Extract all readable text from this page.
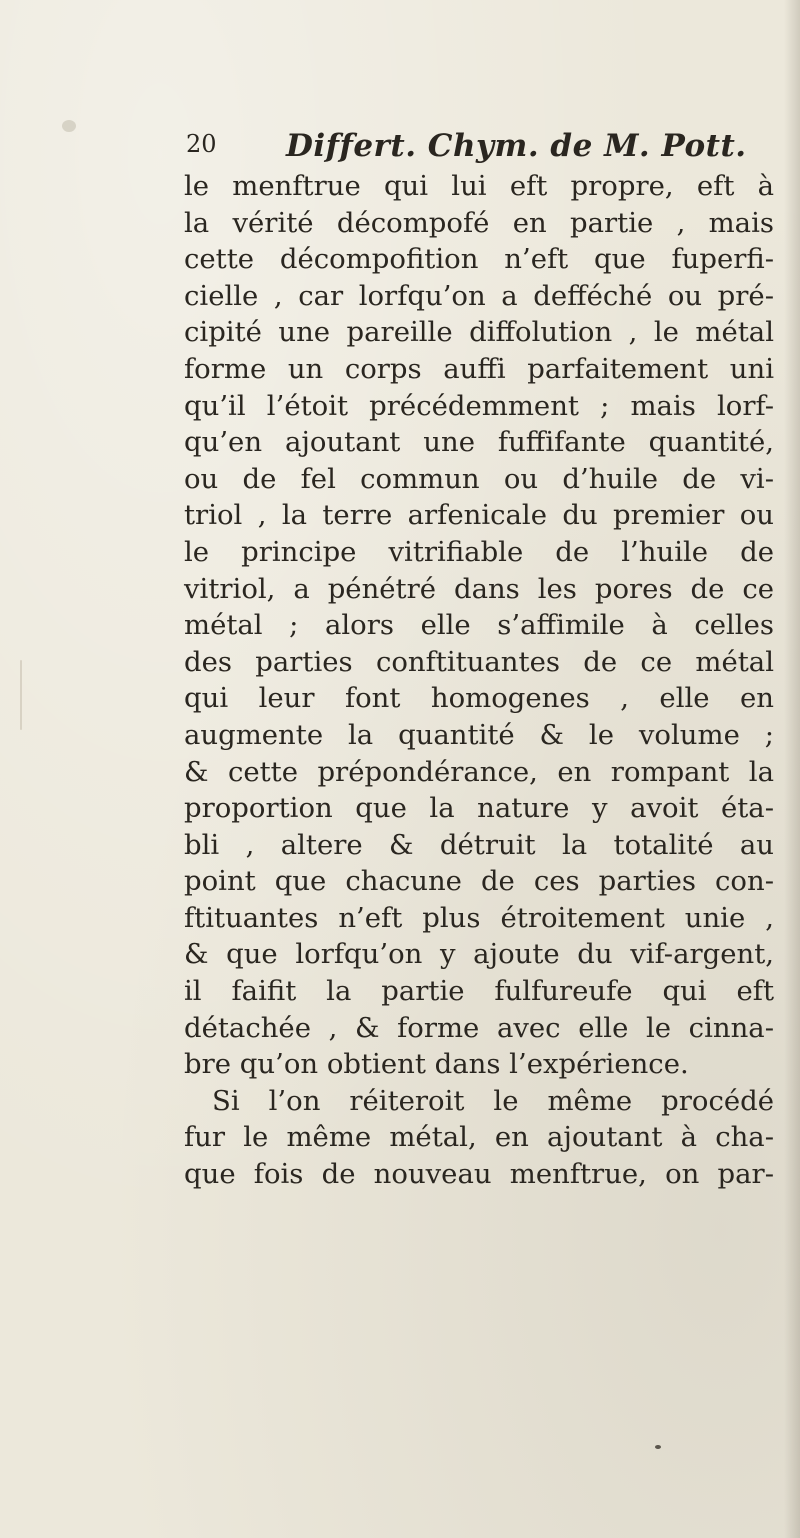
20 Differt. Chym. de M. Pott.
le menftrue qui lui eft propre, eft à
la vérité décompofé en partie , mais
cette décompofition n’eft que fuperfi-
cielle , car lorfqu’on a defféché ou pré-
cipité une pareille diffolution , le métal
forme un corps auffi parfaitement uni
qu’il l’étoit précédemment ; mais lorf-
qu’en ajoutant une fuffifante quantité,
ou de fel commun ou d’huile de vi-
triol , la terre arfenicale du premier ou
le principe vitrifiable de l’huile de
vitriol, a pénétré dans les pores de ce
métal ; alors elle s’affimile à celles
des parties conftituantes de ce métal
qui leur font homogenes , elle en
augmente la quantité & le volume ;
& cette prépondérance, en rompant la
proportion que la nature y avoit éta-
bli , altere & détruit la totalité au
point que chacune de ces parties con-
ftituantes n’eft plus étroitement unie ,
& que lorfqu’on y ajoute du vif-argent,
il faifit la partie fulfureufe qui eft
détachée , & forme avec elle le cinna-
bre qu’on obtient dans l’expérience.
Si l’on réiteroit le même procédé
fur le même métal, en ajoutant à cha-
que fois de nouveau menftrue, on par-
